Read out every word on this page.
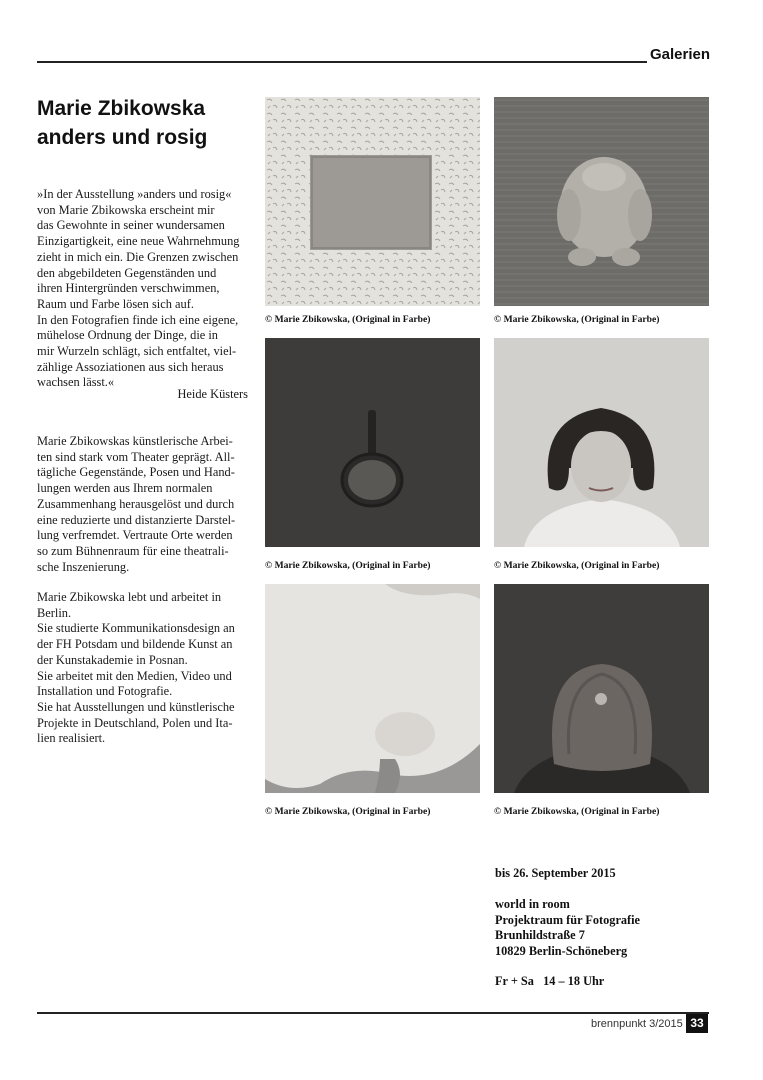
Galerien
Marie Zbikowska
anders und rosig

»In der Ausstellung »anders und rosig«

von Marie Zbikowska erscheint mir

das Gewohnte in seiner wundersamen

Einzigartigkeit, eine neue Wahrnehmung

zieht in mich ein. Die Grenzen zwischen

den abgebildeten Gegenständen und

ihren Hintergründen verschwimmen,

Raum und Farbe lösen sich auf.

In den Fotografien finde ich eine eigene,

mühelose Ordnung der Dinge, die in

mir Wurzeln schlägt, sich entfaltet, viel-

zählige Assoziationen aus sich heraus

wachsen lässt.«

Heide Küsters

Marie Zbikowskas künstlerische Arbei-

ten sind stark vom Theater geprägt. All-

tägliche Gegenstände, Posen und Hand-

lungen werden aus Ihrem normalen

Zusammenhang herausgelöst und durch

eine reduzierte und distanzierte Darstel-

lung verfremdet. Vertraute Orte werden

so zum Bühnenraum für eine theatrali-

sche Inszenierung.

Marie Zbikowska lebt und arbeitet in

Berlin.

Sie studierte Kommunikationsdesign an

der FH Potsdam und bildende Kunst an

der Kunstakademie in Posnan.

Sie arbeitet mit den Medien, Video und

Installation und Fotografie.

Sie hat Ausstellungen und künstlerische

Projekte in Deutschland, Polen und Ita-

lien realisiert.

© Marie Zbikowska, (Original in Farbe)	© Marie Zbikowska, (Original in Farbe)
© Marie Zbikowska, (Original in Farbe)	© Marie Zbikowska, (Original in Farbe)
© Marie Zbikowska, (Original in Farbe)	© Marie Zbikowska, (Original in Farbe)
bis 26. September 2015
world in room
Projektraum für Fotografie
Brunhildstraße 7
10829 Berlin-Schöneberg
Fr + Sa   14 – 18 Uhr
brennpunkt 3/2015 33
